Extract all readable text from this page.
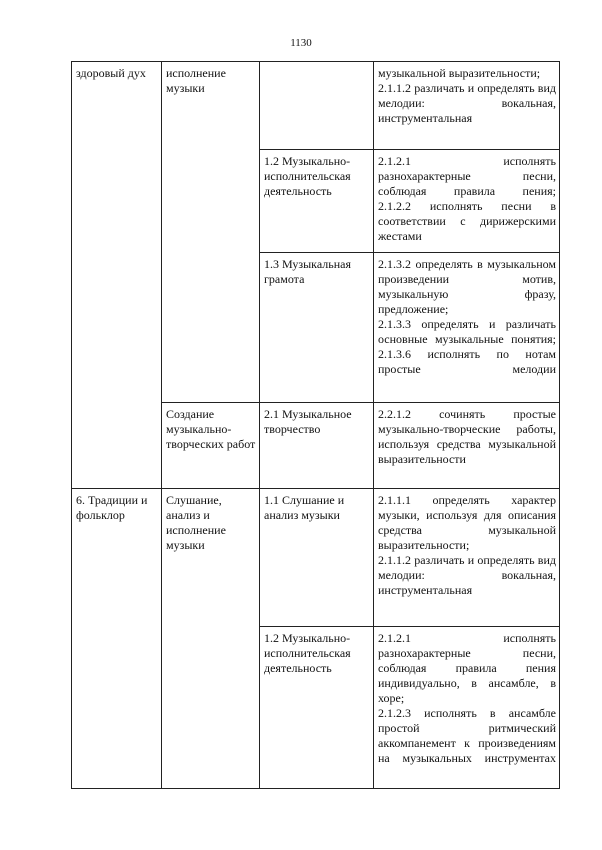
1130
здоровый дух	исполнение музыки		музыкальной выразительности;
2.1.1.2 различать и определять вид мелодии: вокальная, инструментальная

		1.2 Музыкально-исполнительская деятельность	2.1.2.1 исполнять разнохарактерные песни, соблюдая правила пения;
2.1.2.2 исполнять песни в соответствии с дирижерскими жестами

		1.3 Музыкальная грамота	2.1.3.2 определять в музыкальном произведении мотив, музыкальную фразу, предложение;
2.1.3.3 определять и различать основные музыкальные понятия;
2.1.3.6 исполнять по нотам простые мелодии

	Создание музыкально-творческих работ	2.1 Музыкальное творчество	2.2.1.2 сочинять простые музыкально-творческие работы, используя средства музыкальной выразительности

6. Традиции и фольклор	Слушание, анализ и исполнение музыки	1.1 Слушание и анализ музыки	2.1.1.1 определять характер музыки, используя для описания средства музыкальной выразительности;
2.1.1.2 различать и определять вид мелодии: вокальная, инструментальная

		1.2 Музыкально-исполнительская деятельность	2.1.2.1 исполнять разнохарактерные песни, соблюдая правила пения индивидуально, в ансамбле, в хоре;
2.1.2.3 исполнять в ансамбле простой ритмический аккомпанемент к произведениям на музыкальных инструментах
